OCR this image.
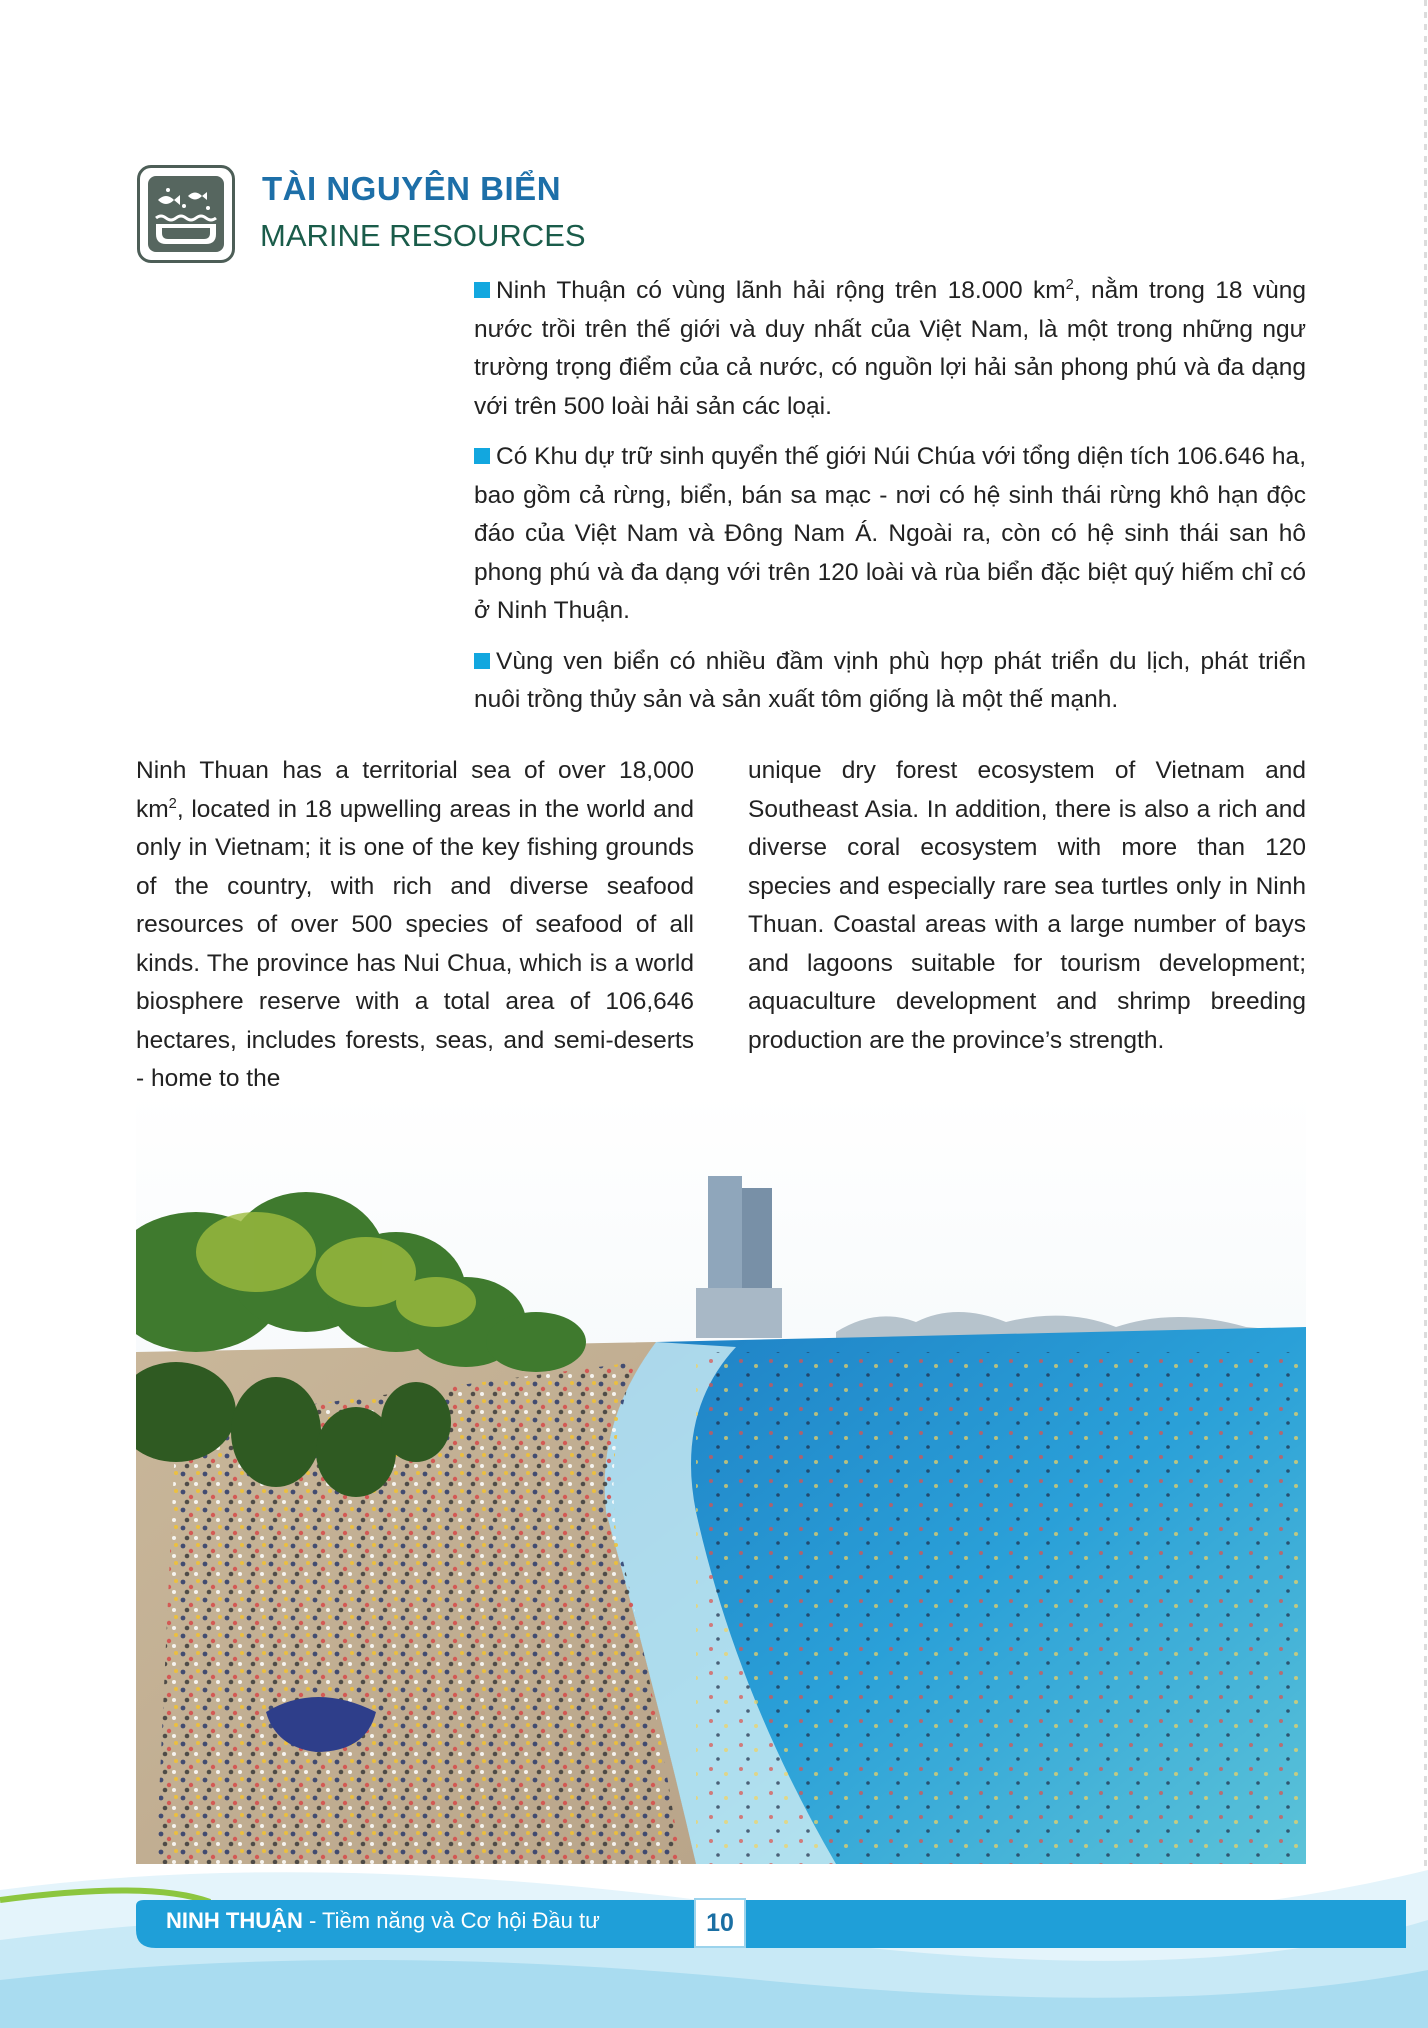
TÀI NGUYÊN BIỂN
MARINE RESOURCES

Ninh Thuận có vùng lãnh hải rộng trên 18.000 $km^2$, nằm trong 18 vùng nước trồi trên thế giới và duy nhất của Việt Nam, là một trong những ngư trường trọng điểm của cả nước, có nguồn lợi hải sản phong phú và đa dạng với trên 500 loài hải sản các loại.

Có Khu dự trữ sinh quyển thế giới Núi Chúa với tổng diện tích 106.646 ha, bao gồm cả rừng, biển, bán sa mạc - nơi có hệ sinh thái rừng khô hạn độc đáo của Việt Nam và Đông Nam Á. Ngoài ra, còn có hệ sinh thái san hô phong phú và đa dạng với trên 120 loài và rùa biển đặc biệt quý hiếm chỉ có ở Ninh Thuận.

Vùng ven biển có nhiều đầm vịnh phù hợp phát triển du lịch, phát triển nuôi trồng thủy sản và sản xuất tôm giống là một thế mạnh.

Ninh Thuan has a territorial sea of over 18,000 $km^2$, located in 18 upwelling areas in the world and only in Vietnam; it is one of the key fishing grounds of the country, with rich and diverse seafood resources of over 500 species of seafood of all kinds. The province has Nui Chua, which is a world biosphere reserve with a total area of 106,646 hectares, includes forests, seas, and semi-deserts - home to the
unique dry forest ecosystem of Vietnam and Southeast Asia. In addition, there is also a rich and diverse coral ecosystem with more than 120 species and especially rare sea turtles only in Ninh Thuan. Coastal areas with a large number of bays and lagoons suitable for tourism development; aquaculture development and shrimp breeding production are the province’s strength.
NINH THUẬN - Tiềm năng và Cơ hội Đầu tư	10
